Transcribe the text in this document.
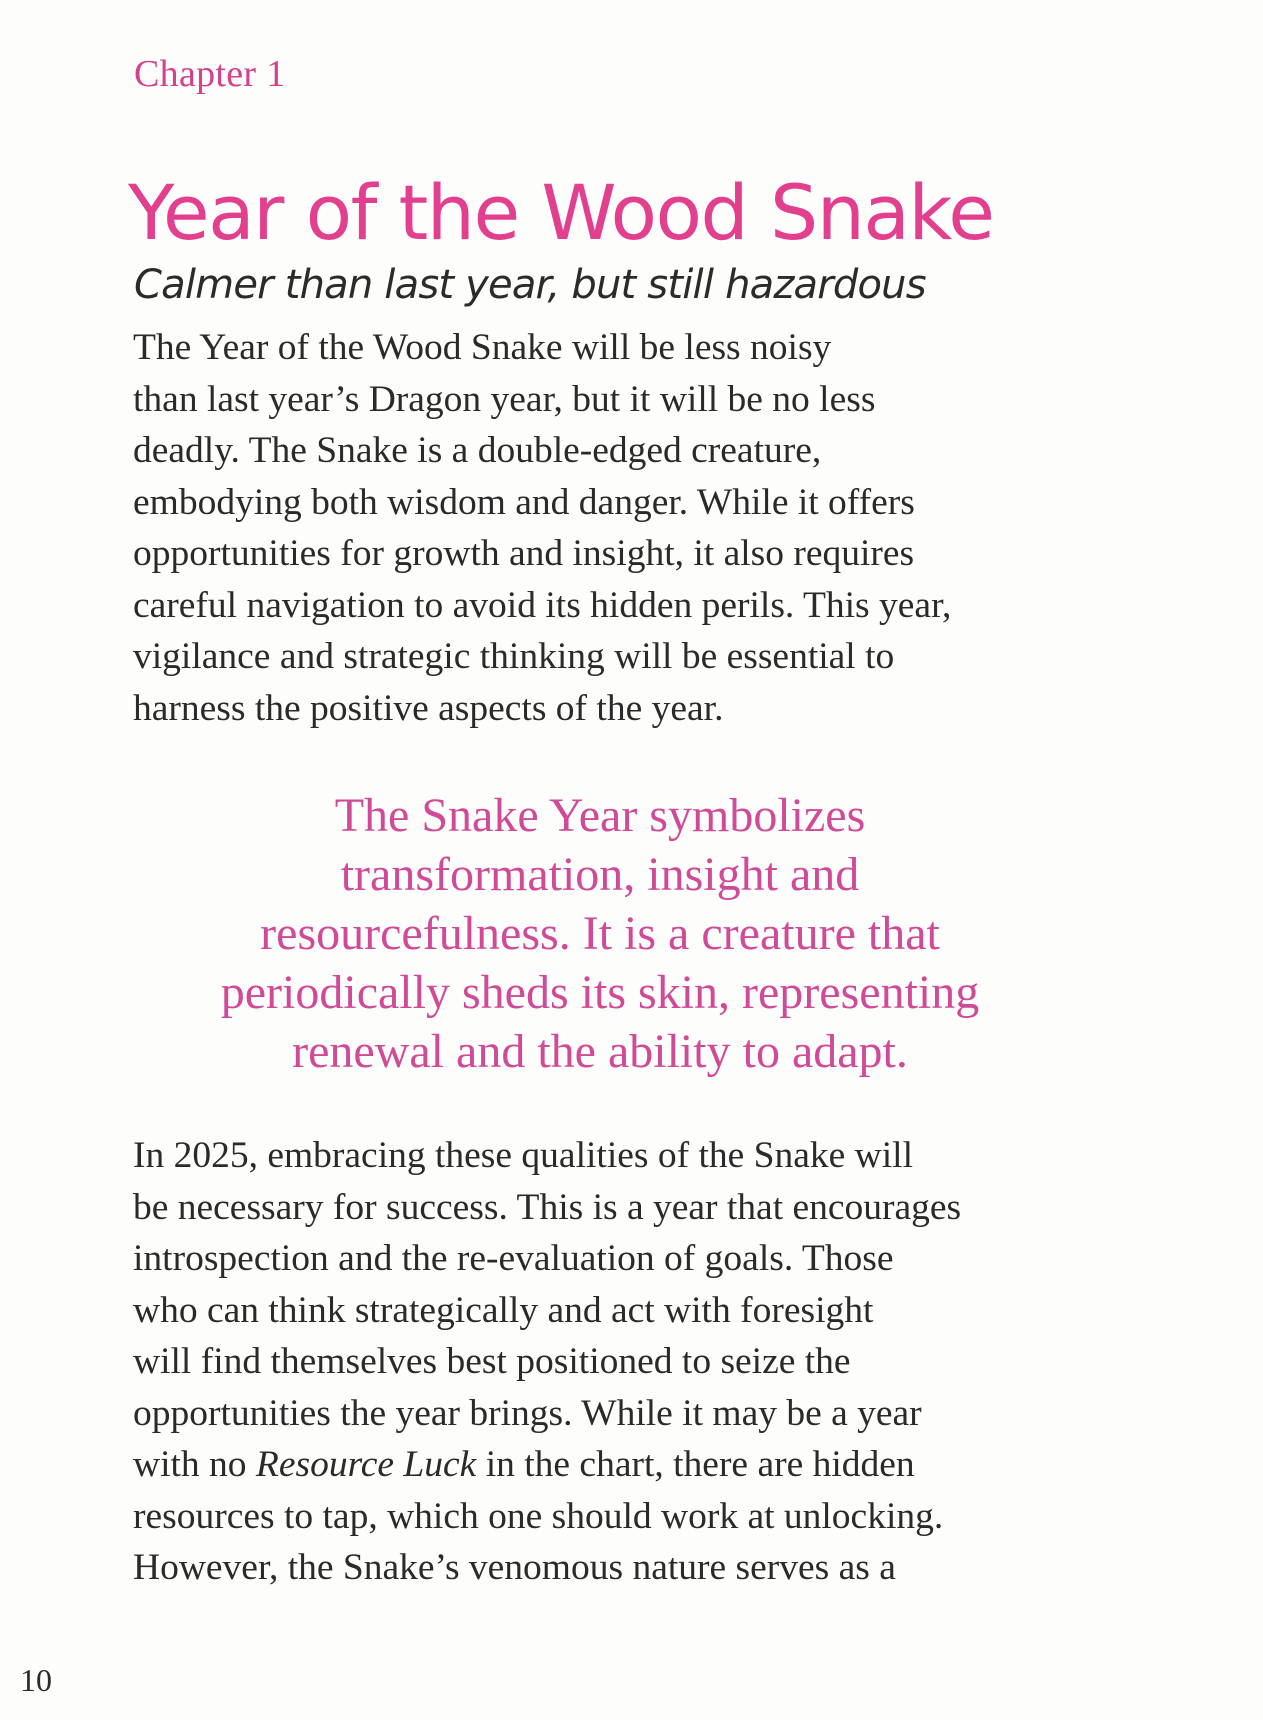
Chapter 1
Year of the Wood Snake
Calmer than last year, but still hazardous

The Year of the Wood Snake will be less noisy
than last year’s Dragon year, but it will be no less
deadly. The Snake is a double-edged creature,
embodying both wisdom and danger. While it offers
opportunities for growth and insight, it also requires
careful navigation to avoid its hidden perils. This year,
vigilance and strategic thinking will be essential to
harness the positive aspects of the year.

The Snake Year symbolizes
transformation, insight and
resourcefulness. It is a creature that
periodically sheds its skin, representing
renewal and the ability to adapt.

In 2025, embracing these qualities of the Snake will
be necessary for success. This is a year that encourages
introspection and the re-evaluation of goals. Those
who can think strategically and act with foresight
will find themselves best positioned to seize the
opportunities the year brings. While it may be a year
with no Resource Luck in the chart, there are hidden
resources to tap, which one should work at unlocking.
However, the Snake’s venomous nature serves as a

10
